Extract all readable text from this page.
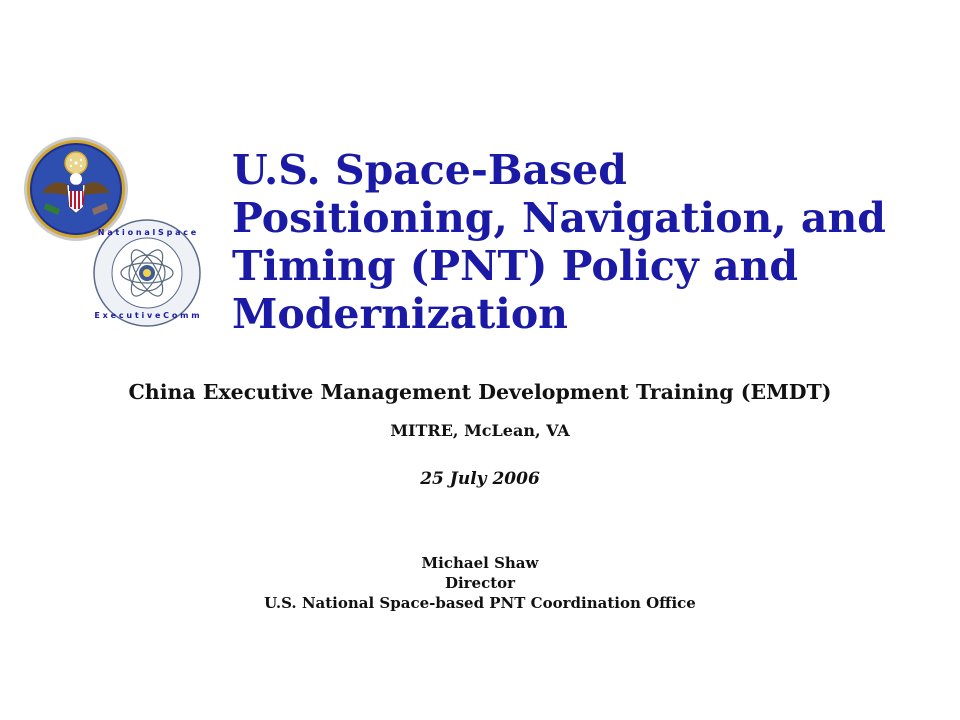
N a t i o n a l S p a c e
E x e c u t i v e C o m m
U.S. Space-Based
Positioning, Navigation, and
Timing (PNT) Policy and
Modernization
China Executive Management Development Training (EMDT)
MITRE, McLean, VA
25 July 2006
Michael Shaw
Director
U.S. National Space-based PNT Coordination Office
